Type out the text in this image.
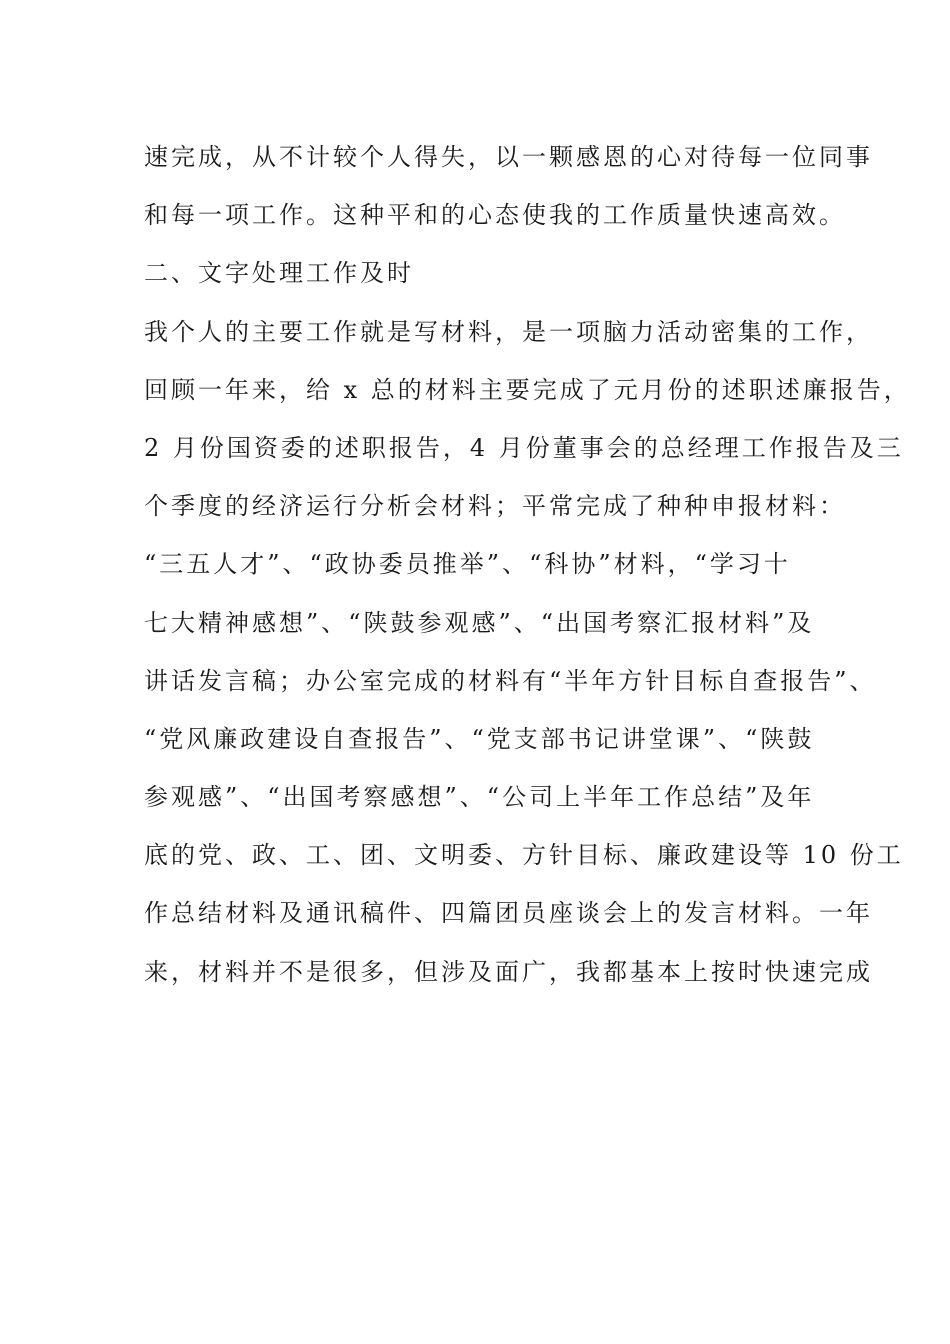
速完成，从不计较个人得失，以一颗感恩的心对待每一位同事
和每一项工作。这种平和的心态使我的工作质量快速高效。
二、文字处理工作及时
我个人的主要工作就是写材料，是一项脑力活动密集的工作，
回顾一年来，给 x 总的材料主要完成了元月份的述职述廉报告，
2 月份国资委的述职报告，4 月份董事会的总经理工作报告及三
个季度的经济运行分析会材料；平常完成了种种申报材料：
“三五人才”、“政协委员推举”、“科协”材料，“学习十
七大精神感想”、“陕鼓参观感”、“出国考察汇报材料”及
讲话发言稿；办公室完成的材料有“半年方针目标自查报告”、
“党风廉政建设自查报告”、“党支部书记讲堂课”、“陕鼓
参观感”、“出国考察感想”、“公司上半年工作总结”及年
底的党、政、工、团、文明委、方针目标、廉政建设等 10 份工
作总结材料及通讯稿件、四篇团员座谈会上的发言材料。一年
来，材料并不是很多，但涉及面广，我都基本上按时快速完成
